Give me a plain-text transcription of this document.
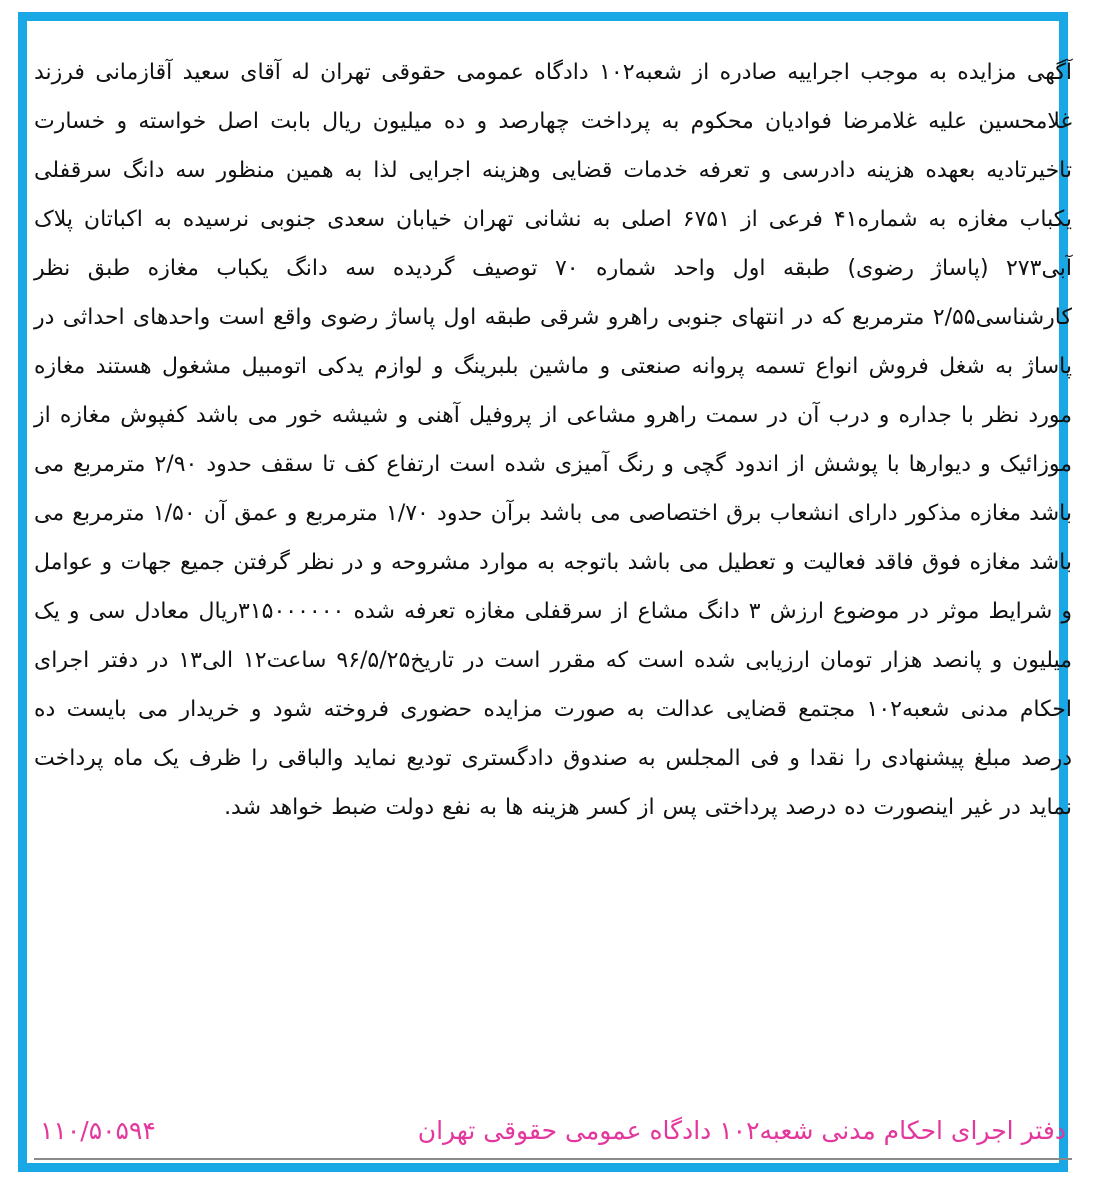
آگهی مزایده به موجب اجراییه صادره از شعبه۱۰۲ دادگاه عمومی حقوقی تهران له آقای سعید آقازمانی فرزند غلامحسین علیه غلامرضا فوادیان محکوم به پرداخت چهارصد و ده میلیون ریال بابت اصل خواسته و خسارت تاخیرتادیه بعهده هزینه دادرسی و تعرفه خدمات قضایی وهزینه اجرایی لذا به همین منظور سه دانگ سرقفلی یکباب مغازه به شماره۴۱ فرعی از ۶۷۵۱ اصلی به نشانی تهران خیابان سعدی جنوبی نرسیده به اکباتان پلاک آبی۲۷۳ (پاساژ رضوی) طبقه اول واحد شماره ۷۰ توصیف گردیده سه دانگ یکباب مغازه طبق نظر کارشناسی۲/۵۵ مترمربع که در انتهای جنوبی راهرو شرقی طبقه اول پاساژ رضوی واقع است واحدهای احداثی در پاساژ به شغل فروش انواع تسمه پروانه صنعتی و ماشین بلبرینگ و لوازم یدکی اتومبیل مشغول هستند مغازه مورد نظر با جداره و درب آن در سمت راهرو مشاعی از پروفیل آهنی و شیشه خور می باشد کفپوش مغازه از موزائیک و دیوارها با پوشش از اندود گچی و رنگ آمیزی شده است ارتفاع کف تا سقف حدود ۲/۹۰ مترمربع می باشد مغازه مذکور دارای انشعاب برق اختصاصی می باشد برآن حدود ۱/۷۰ مترمربع و عمق آن ۱/۵۰ مترمربع می باشد مغازه فوق فاقد فعالیت و تعطیل می باشد باتوجه به موارد مشروحه و در نظر گرفتن جمیع جهات و عوامل و شرایط موثر در موضوع ارزش ۳ دانگ مشاع از سرقفلی مغازه تعرفه شده ۳۱۵۰۰۰۰۰۰ریال معادل سی و یک میلیون و پانصد هزار تومان ارزیابی شده است که مقرر است در تاریخ۹۶/۵/۲۵ ساعت۱۲ الی۱۳ در دفتر اجرای احکام مدنی شعبه۱۰۲ مجتمع قضایی عدالت به صورت مزایده حضوری فروخته شود و خریدار می بایست ده درصد مبلغ پیشنهادی را نقدا و فی المجلس به صندوق دادگستری توديع نماید والباقی را ظرف یک ماه پرداخت نماید در غیر اینصورت ده درصد پرداختی پس از کسر هزینه ها به نفع دولت ضبط خواهد شد.

دفتر اجرای احکام مدنی شعبه۱۰۲ دادگاه عمومی حقوقی تهران
۱۱۰/۵۰۵۹۴
